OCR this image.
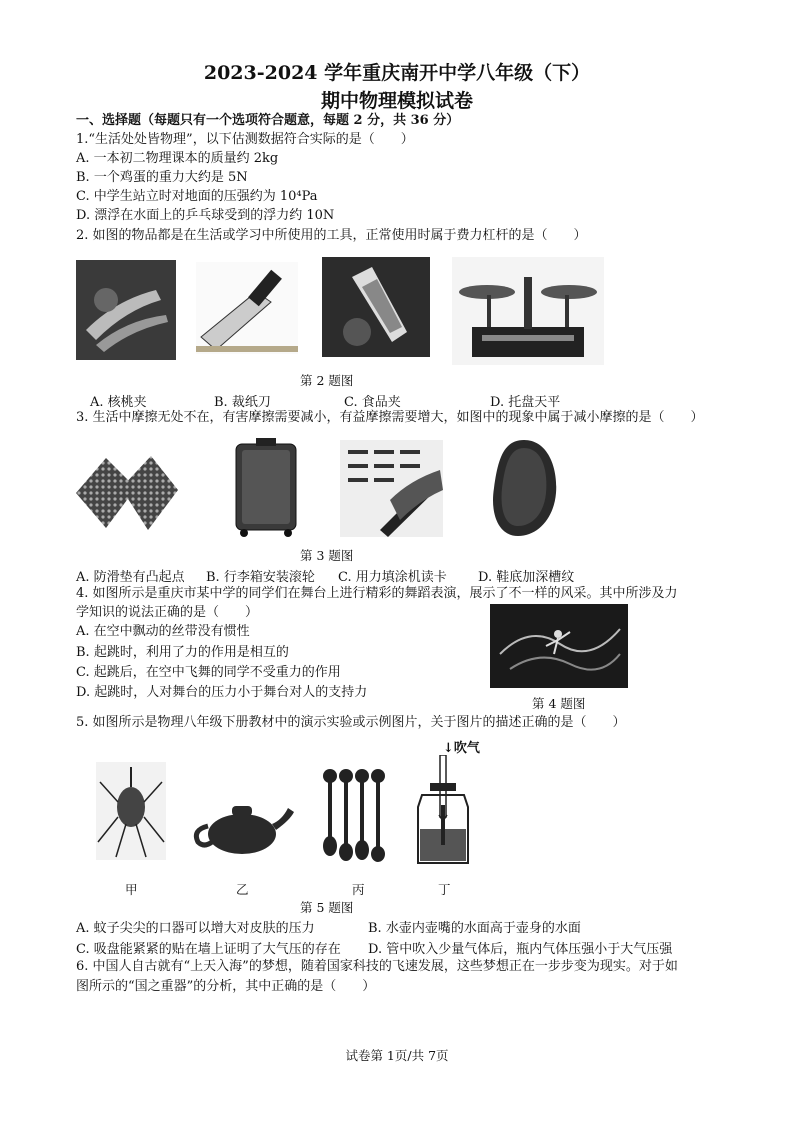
2023-2024 学年重庆南开中学八年级（下）
期中物理模拟试卷
一、选择题（每题只有一个选项符合题意，每题 2 分，共 36 分）
1.“生活处处皆物理”，以下估测数据符合实际的是（　　）
A. 一本初二物理课本的质量约 2kg
B. 一个鸡蛋的重力大约是 5N
C. 中学生站立时对地面的压强约为 10⁴Pa
D. 漂浮在水面上的乒乓球受到的浮力约 10N
2. 如图的物品都是在生活或学习中所使用的工具，正常使用时属于费力杠杆的是（　　）
第 2 题图
A. 核桃夹	B. 裁纸刀	C. 食品夹	D. 托盘天平
3. 生活中摩擦无处不在，有害摩擦需要减小，有益摩擦需要增大，如图中的现象中属于减小摩擦的是（　　）
第 3 题图
A. 防滑垫有凸起点 B. 行李箱安装滚轮 C. 用力填涂机读卡 D. 鞋底加深槽纹
4. 如图所示是重庆市某中学的同学们在舞台上进行精彩的舞蹈表演，展示了不一样的风采。其中所涉及力
学知识的说法正确的是（　　）
A. 在空中飘动的丝带没有惯性
B. 起跳时，利用了力的作用是相互的
C. 起跳后，在空中飞舞的同学不受重力的作用
D. 起跳时，人对舞台的压力小于舞台对人的支持力
第 4 题图
5. 如图所示是物理八年级下册教材中的演示实验或示例图片，关于图片的描述正确的是（　　）
↓吹气
甲	乙	丙	丁
第 5 题图
A. 蚊子尖尖的口器可以增大对皮肤的压力	B. 水壶内壶嘴的水面高于壶身的水面
C. 吸盘能紧紧的贴在墙上证明了大气压的存在 D. 管中吹入少量气体后，瓶内气体压强小于大气压强
6. 中国人自古就有“上天入海”的梦想，随着国家科技的飞速发展，这些梦想正在一步步变为现实。对于如
图所示的“国之重器”的分析，其中正确的是（　　）
试卷第 1页/共 7页
